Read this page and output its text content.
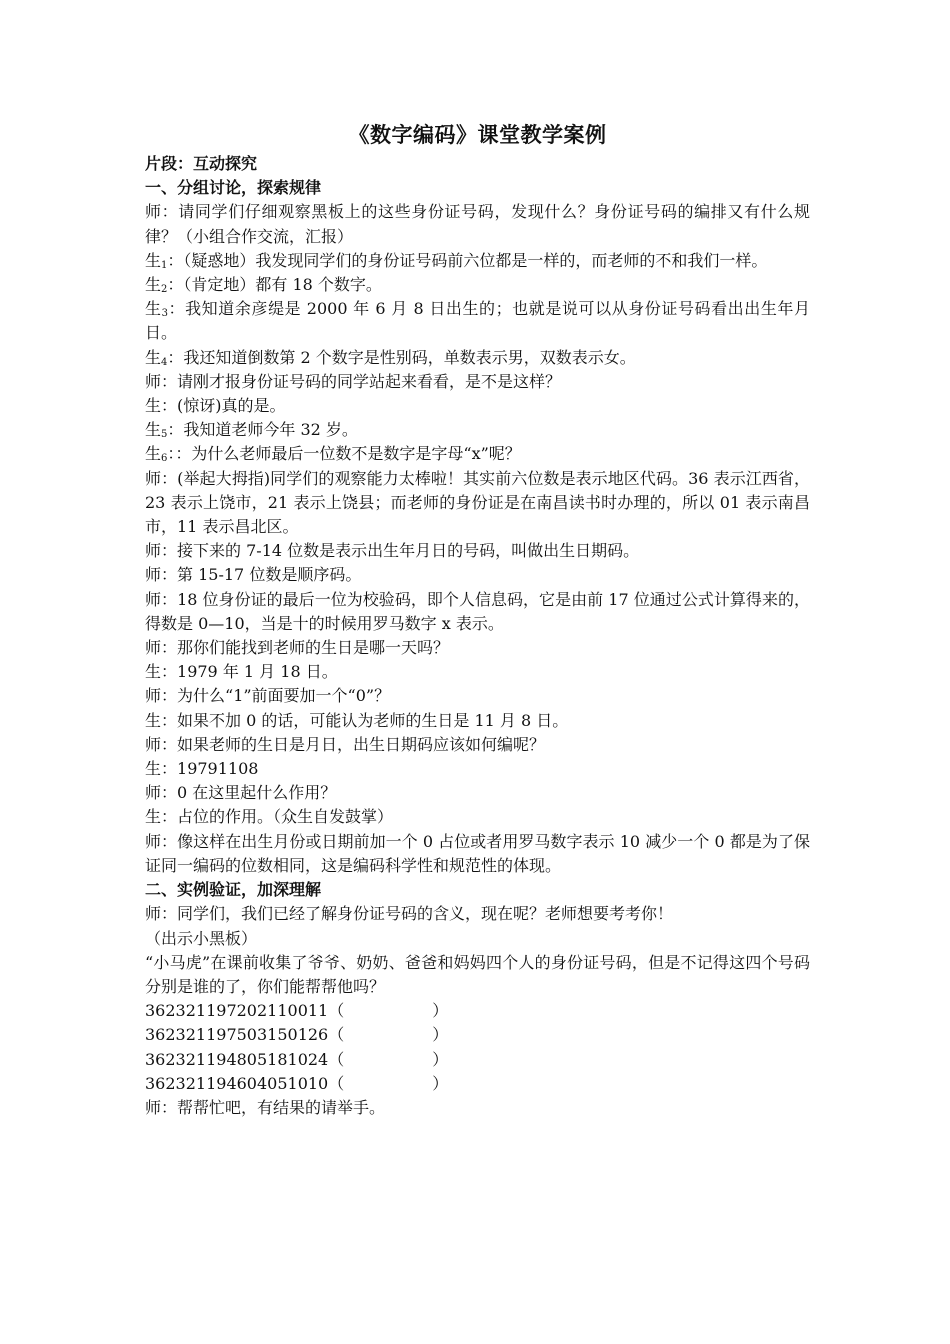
《数字编码》课堂教学案例
片段：互动探究
一、分组讨论，探索规律

师：请同学们仔细观察黑板上的这些身份证号码，发现什么？身份证号码的编排又有什么规律？（小组合作交流，汇报）

生$_1$：（疑惑地）我发现同学们的身份证号码前六位都是一样的，而老师的不和我们一样。

生$_2$：（肯定地）都有 18 个数字。

生$_3$：我知道余彦缇是 2000 年 6 月 8 日出生的；也就是说可以从身份证号码看出出生年月日。

生$_4$：我还知道倒数第 2 个数字是性别码，单数表示男，双数表示女。

师：请刚才报身份证号码的同学站起来看看，是不是这样？

生：(惊讶)真的是。

生$_5$：我知道老师今年 32 岁。

生$_6$：：为什么老师最后一位数不是数字是字母“x”呢？

师：(举起大拇指)同学们的观察能力太棒啦！其实前六位数是表示地区代码。36 表示江西省，23 表示上饶市，21 表示上饶县；而老师的身份证是在南昌读书时办理的，所以 01 表示南昌市，11 表示昌北区。

师：接下来的 7-14 位数是表示出生年月日的号码，叫做出生日期码。

师：第 15-17 位数是顺序码。

师：18 位身份证的最后一位为校验码，即个人信息码，它是由前 17 位通过公式计算得来的，得数是 0—10，当是十的时候用罗马数字 x 表示。

师：那你们能找到老师的生日是哪一天吗？

生：1979 年 1 月 18 日。

师：为什么“1”前面要加一个“0”？

生：如果不加 0 的话，可能认为老师的生日是 11 月 8 日。

师：如果老师的生日是月日，出生日期码应该如何编呢？

生：19791108

师：0 在这里起什么作用？

生：占位的作用。（众生自发鼓掌）

师：像这样在出生月份或日期前加一个 0 占位或者用罗马数字表示 10 减少一个 0 都是为了保证同一编码的位数相同，这是编码科学性和规范性的体现。

二、实例验证，加深理解

师：同学们，我们已经了解身份证号码的含义，现在呢？老师想要考考你！

（出示小黑板）

“小马虎”在课前收集了爷爷、奶奶、爸爸和妈妈四个人的身份证号码，但是不记得这四个号码分别是谁的了，你们能帮帮他吗？

362321197202110011（	）
362321197503150126（	）
362321194805181024（	）
362321194604051010（	）

师：帮帮忙吧，有结果的请举手。
